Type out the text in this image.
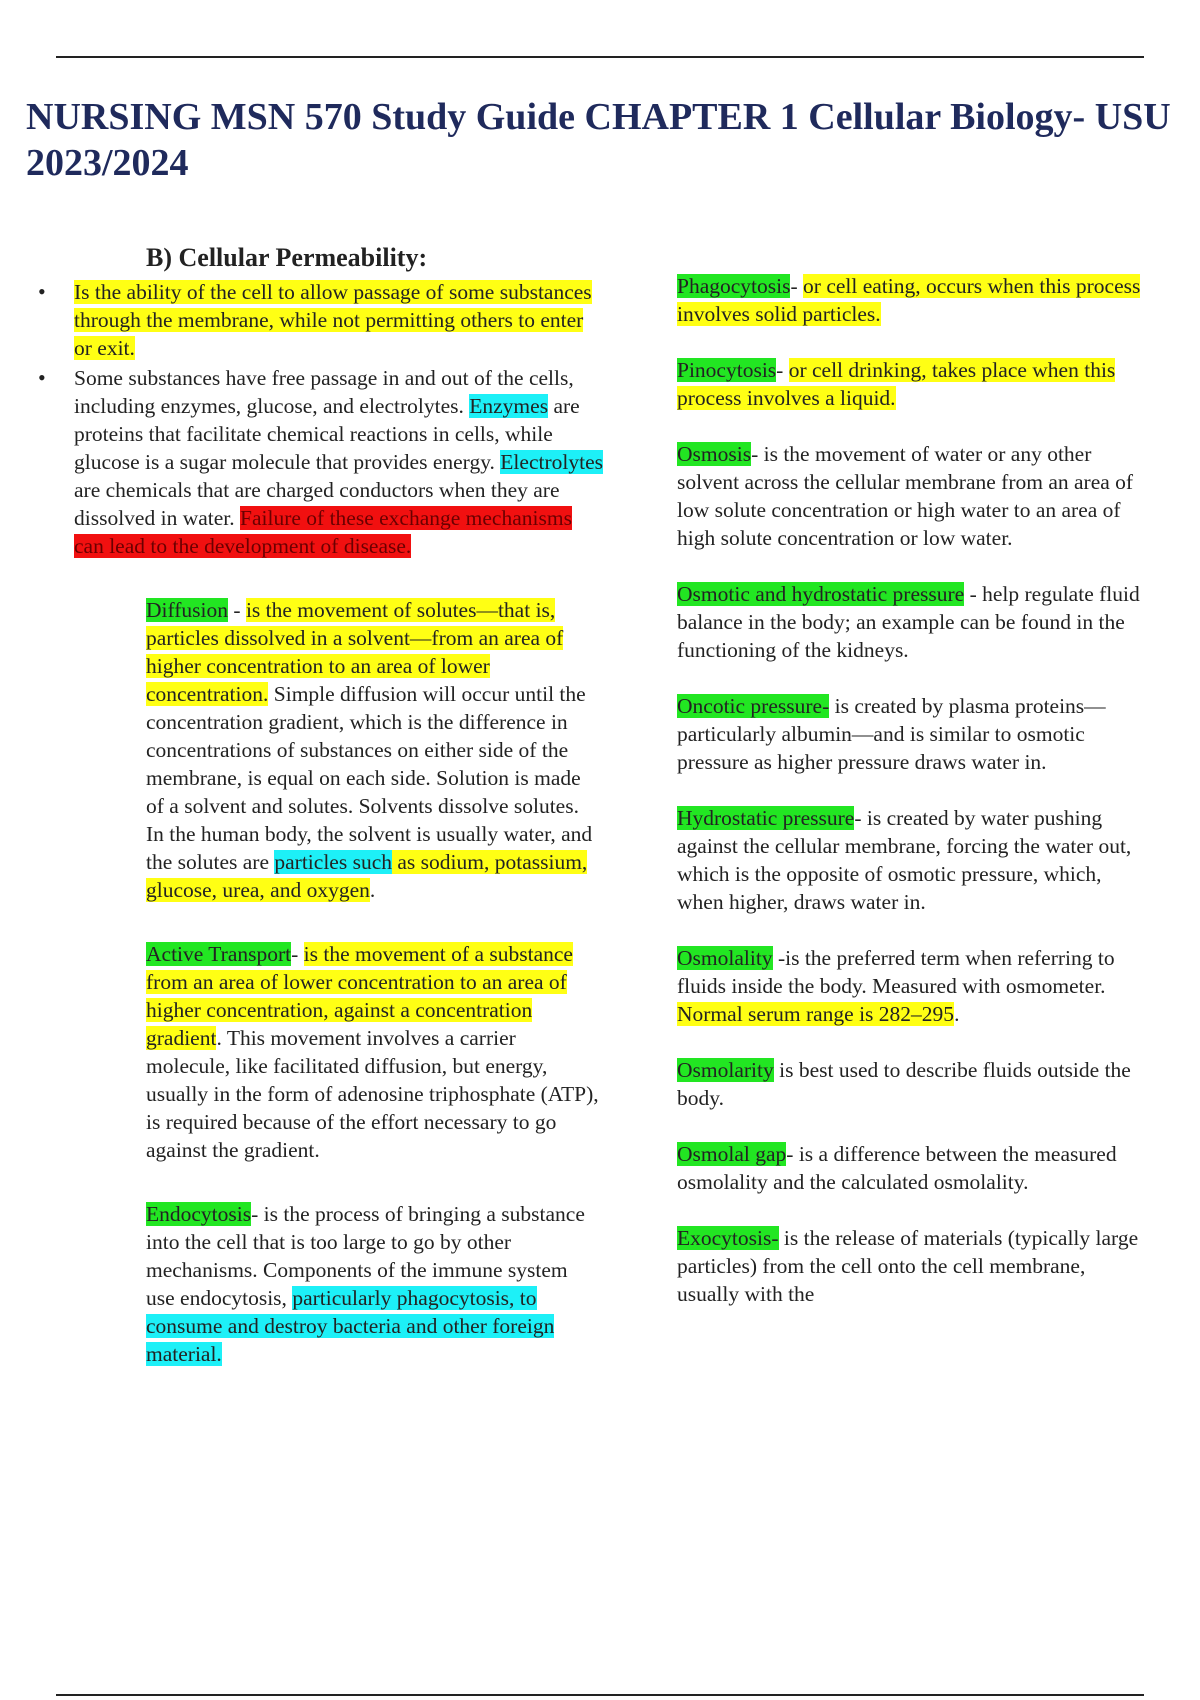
NURSING MSN 570 Study Guide CHAPTER 1 Cellular Biology- USU 2023/2024
B) Cellular Permeability:
• Is the ability of the cell to allow passage of some substances through the membrane, while not permitting others to enter or exit.
• Some substances have free passage in and out of the cells, including enzymes, glucose, and electrolytes. Enzymes are proteins that facilitate chemical reactions in cells, while glucose is a sugar molecule that provides energy. Electrolytes are chemicals that are charged conductors when they are dissolved in water. Failure of these exchange mechanisms can lead to the development of disease.
Diffusion - is the movement of solutes—that is, particles dissolved in a solvent—from an area of higher concentration to an area of lower concentration. Simple diffusion will occur until the concentration gradient, which is the difference in concentrations of substances on either side of the membrane, is equal on each side. Solution is made of a solvent and solutes. Solvents dissolve solutes. In the human body, the solvent is usually water, and the solutes are particles such as sodium, potassium, glucose, urea, and oxygen.
Active Transport- is the movement of a substance from an area of lower concentration to an area of higher concentration, against a concentration gradient. This movement involves a carrier molecule, like facilitated diffusion, but energy, usually in the form of adenosine triphosphate (ATP), is required because of the effort necessary to go against the gradient.
Endocytosis- is the process of bringing a substance into the cell that is too large to go by other mechanisms. Components of the immune system use endocytosis, particularly phagocytosis, to consume and destroy bacteria and other foreign material.

Phagocytosis- or cell eating, occurs when this process involves solid particles.

Pinocytosis- or cell drinking, takes place when this process involves a liquid.

Osmosis- is the movement of water or any other solvent across the cellular membrane from an area of low solute concentration or high water to an area of high solute concentration or low water.

Osmotic and hydrostatic pressure - help regulate fluid balance in the body; an example can be found in the functioning of the kidneys.

Oncotic pressure- is created by plasma proteins—particularly albumin—and is similar to osmotic pressure as higher pressure draws water in.

Hydrostatic pressure- is created by water pushing against the cellular membrane, forcing the water out, which is the opposite of osmotic pressure, which, when higher, draws water in.

Osmolality -is the preferred term when referring to fluids inside the body. Measured with osmometer. Normal serum range is 282–295.

Osmolarity is best used to describe fluids outside the body.

Osmolal gap- is a difference between the measured osmolality and the calculated osmolality.

Exocytosis- is the release of materials (typically large particles) from the cell onto the cell membrane, usually with the
